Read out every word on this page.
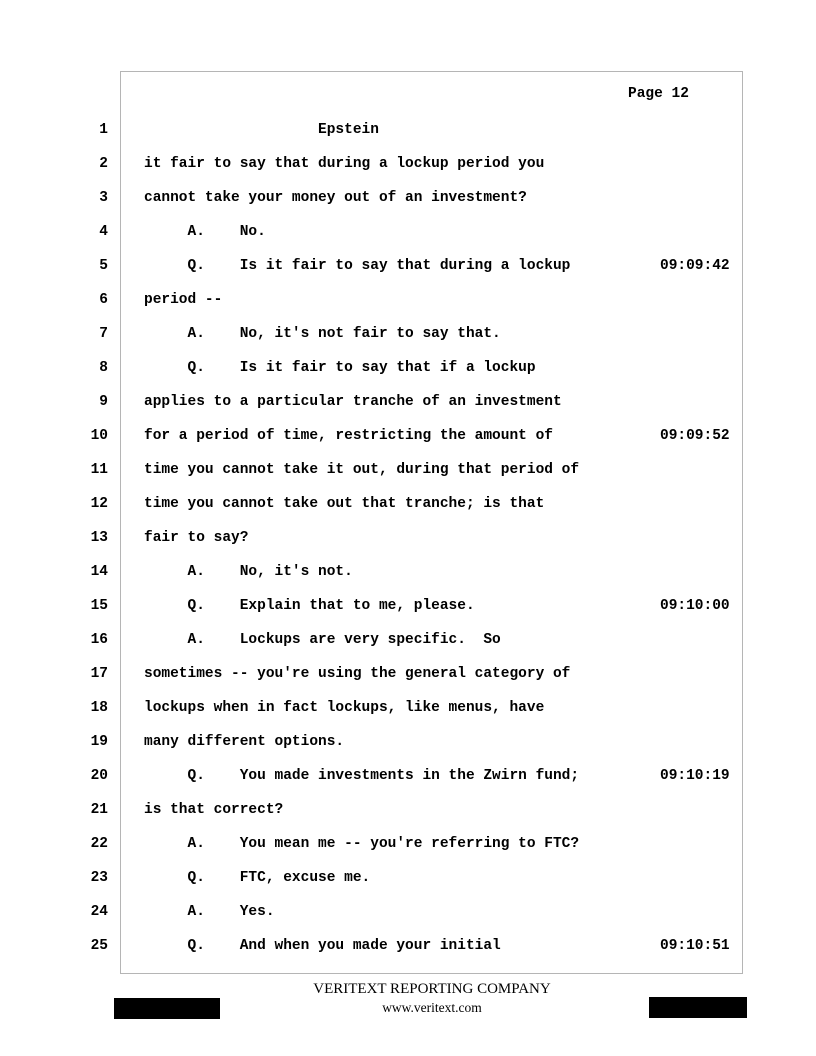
Page 12
1 Epstein
2 it fair to say that during a lockup period you
3 cannot take your money out of an investment?
4 A.    No.
5 Q.    Is it fair to say that during a lockup	09:09:42
6 period --
7 A.    No, it's not fair to say that.
8 Q.    Is it fair to say that if a lockup
9 applies to a particular tranche of an investment
10 for a period of time, restricting the amount of	09:09:52
11 time you cannot take it out, during that period of
12 time you cannot take out that tranche; is that
13 fair to say?
14 A.    No, it's not.
15 Q.    Explain that to me, please.	09:10:00
16 A.    Lockups are very specific.  So
17 sometimes -- you're using the general category of
18 lockups when in fact lockups, like menus, have
19 many different options.
20 Q.    You made investments in the Zwirn fund;	09:10:19
21 is that correct?
22 A.    You mean me -- you're referring to FTC?
23 Q.    FTC, excuse me.
24 A.    Yes.
25 Q.    And when you made your initial	09:10:51
VERITEXT REPORTING COMPANY
www.veritext.com
